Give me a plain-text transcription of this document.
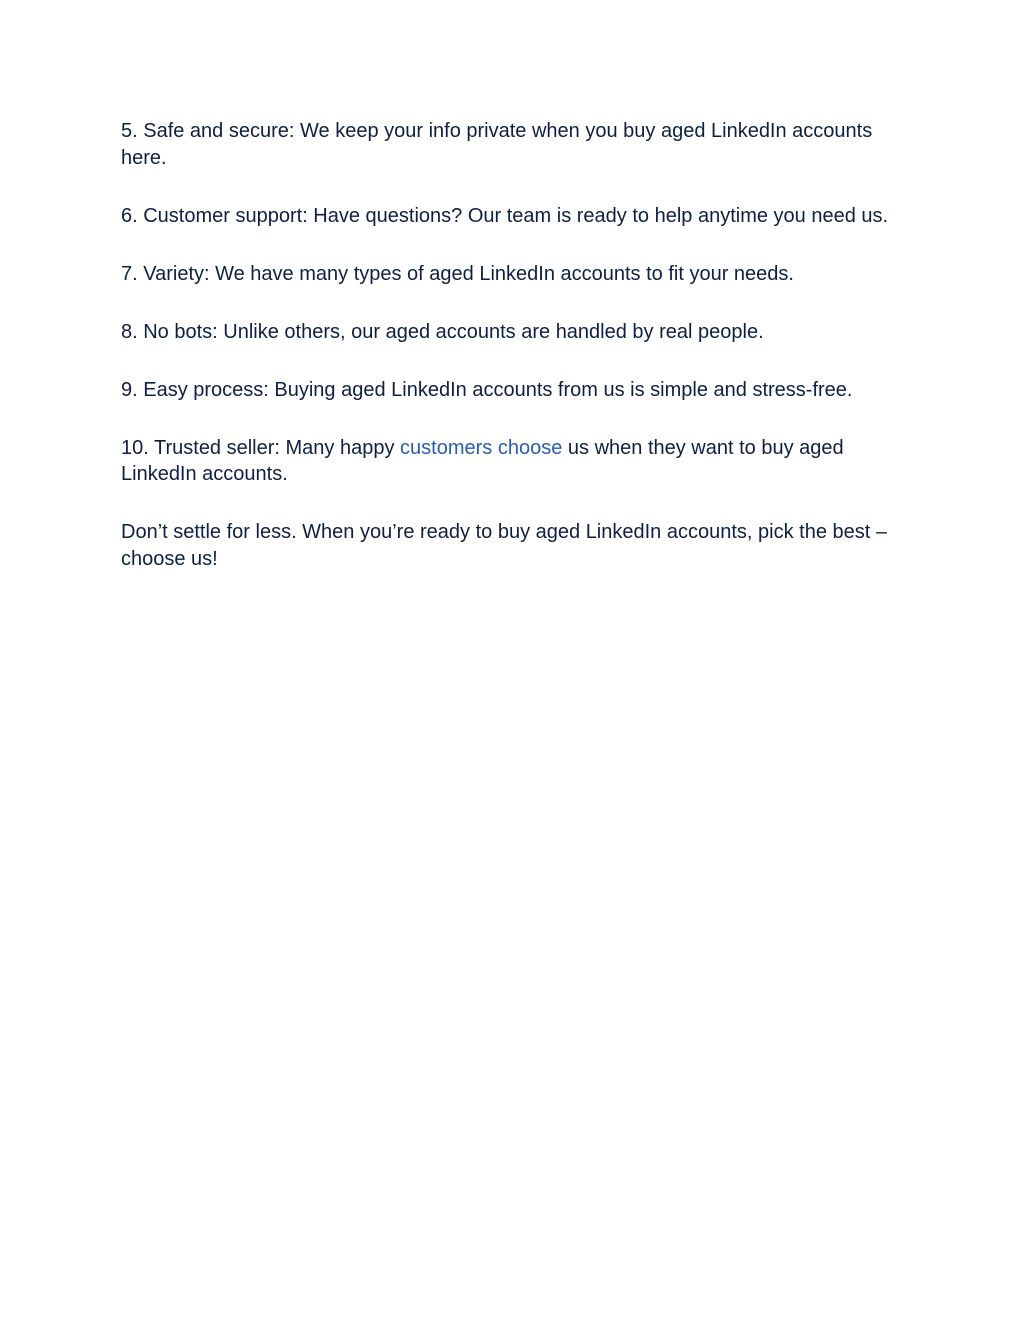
5. Safe and secure: We keep your info private when you buy aged LinkedIn accounts here.

6. Customer support: Have questions? Our team is ready to help anytime you need us.

7. Variety: We have many types of aged LinkedIn accounts to fit your needs.

8. No bots: Unlike others, our aged accounts are handled by real people.

9. Easy process: Buying aged LinkedIn accounts from us is simple and stress-free.

10. Trusted seller: Many happy customers choose us when they want to buy aged LinkedIn accounts.

Don’t settle for less. When you’re ready to buy aged LinkedIn accounts, pick the best – choose us!
